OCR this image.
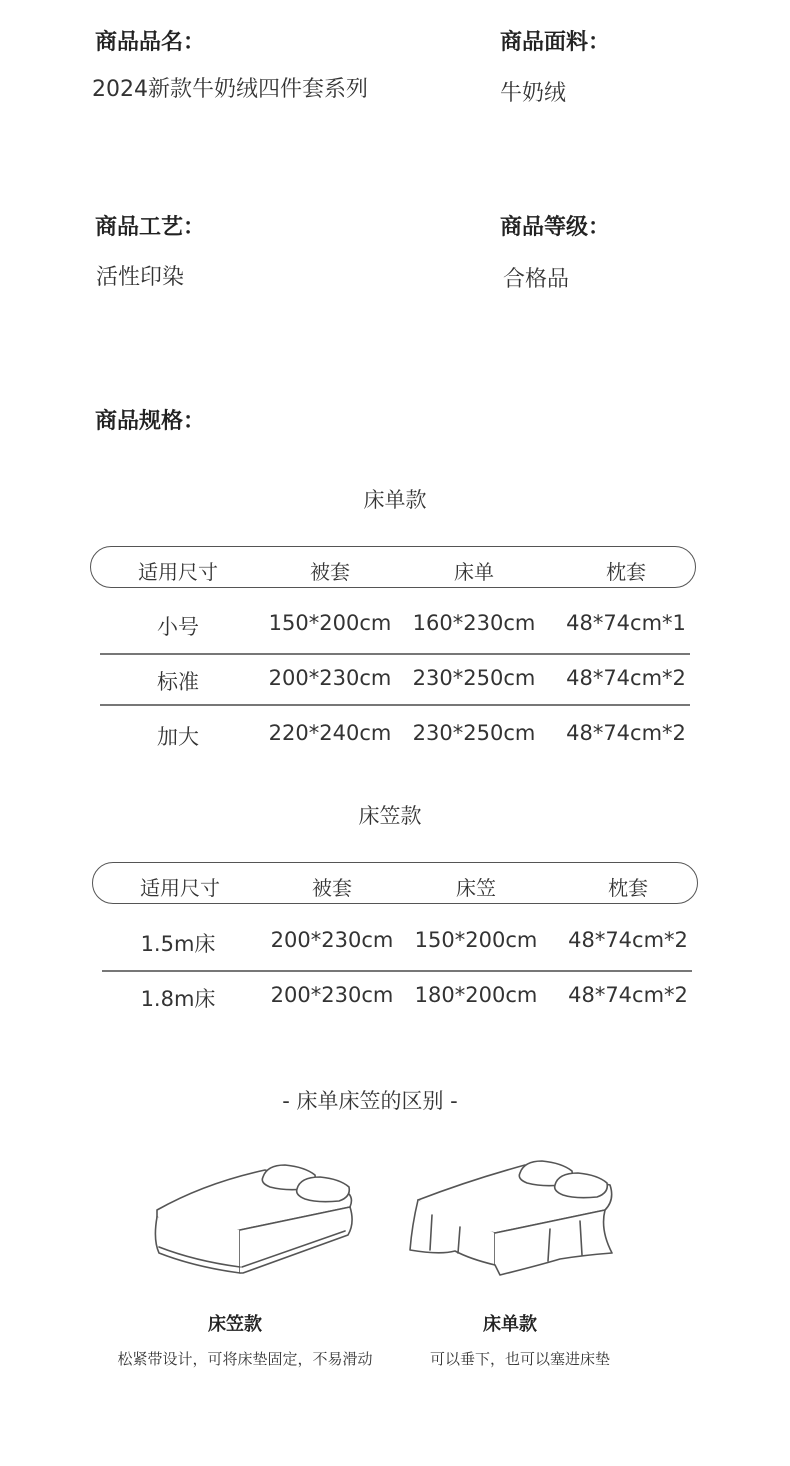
商品品名：
2024新款牛奶绒四件套系列
商品面料：
牛奶绒
商品工艺：
活性印染
商品等级：
合格品
商品规格：
床单款
适用尺寸	被套	床单	枕套
小号	150*200cm	160*230cm	48*74cm*1
标准	200*230cm	230*250cm	48*74cm*2
加大	220*240cm	230*250cm	48*74cm*2
床笠款
适用尺寸	被套	床笠	枕套
1.5m床	200*230cm	150*200cm	48*74cm*2
1.8m床	200*230cm	180*200cm	48*74cm*2
- 床单床笠的区别 -
床笠款
松紧带设计，可将床垫固定，不易滑动
床单款
可以垂下，也可以塞进床垫
